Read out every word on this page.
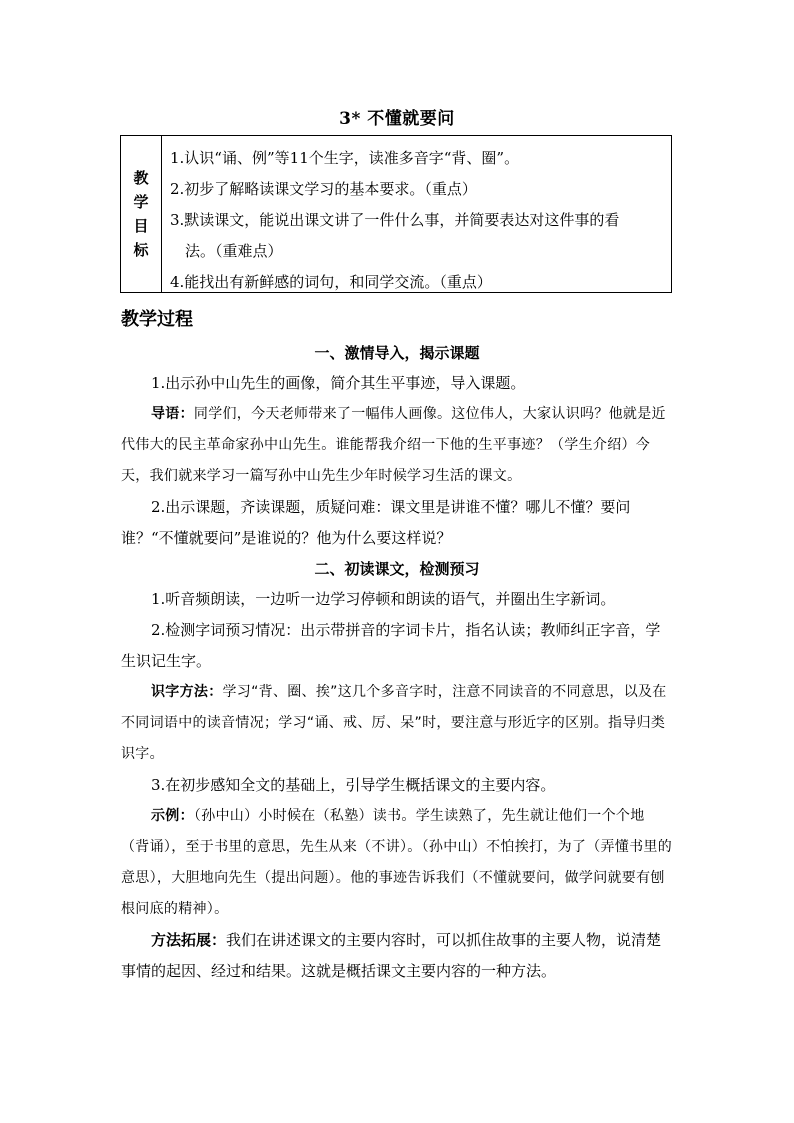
3* 不懂就要问
教
学
目
标
1.认识“诵、例”等11个生字，读准多音字“背、圈”。
2.初步了解略读课文学习的基本要求。（重点）
3.默读课文，能说出课文讲了一件什么事，并简要表达对这件事的看
法。（重难点）
4.能找出有新鲜感的词句，和同学交流。（重点）
教学过程
一、激情导入，揭示课题
1.出示孙中山先生的画像，简介其生平事迹，导入课题。
导语：同学们，今天老师带来了一幅伟人画像。这位伟人，大家认识吗？他就是近代伟大的民主革命家孙中山先生。谁能帮我介绍一下他的生平事迹？（学生介绍）今天，我们就来学习一篇写孙中山先生少年时候学习生活的课文。
2.出示课题，齐读课题，质疑问难：课文里是讲谁不懂？哪儿不懂？要问谁？“不懂就要问”是谁说的？他为什么要这样说？
二、初读课文，检测预习
1.听音频朗读，一边听一边学习停顿和朗读的语气，并圈出生字新词。
2.检测字词预习情况：出示带拼音的字词卡片，指名认读；教师纠正字音，学生识记生字。
识字方法：学习“背、圈、挨”这几个多音字时，注意不同读音的不同意思，以及在不同词语中的读音情况；学习“诵、戒、厉、呆”时，要注意与形近字的区别。指导归类识字。
3.在初步感知全文的基础上，引导学生概括课文的主要内容。
示例：（孙中山）小时候在（私塾）读书。学生读熟了，先生就让他们一个个地（背诵），至于书里的意思，先生从来（不讲）。（孙中山）不怕挨打，为了（弄懂书里的意思），大胆地向先生（提出问题）。他的事迹告诉我们（不懂就要问，做学问就要有刨根问底的精神）。
方法拓展：我们在讲述课文的主要内容时，可以抓住故事的主要人物，说清楚事情的起因、经过和结果。这就是概括课文主要内容的一种方法。
